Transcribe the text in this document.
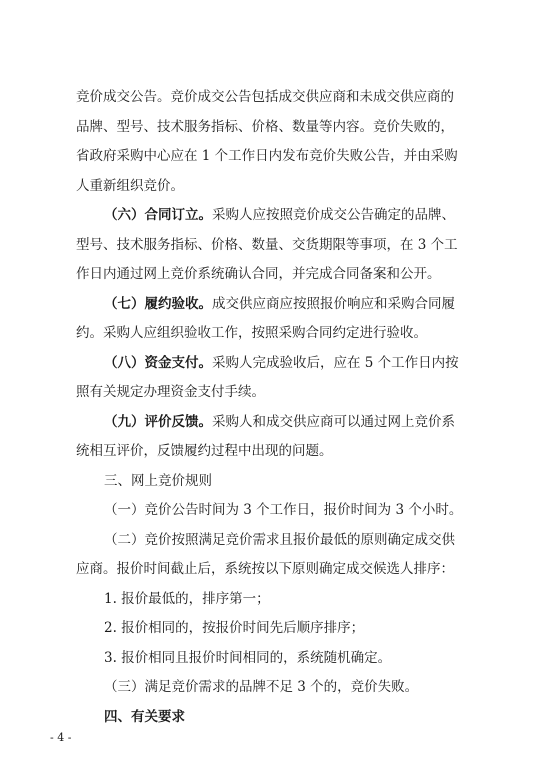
竞价成交公告。竞价成交公告包括成交供应商和未成交供应商的
品牌、型号、技术服务指标、价格、数量等内容。竞价失败的，
省政府采购中心应在 1 个工作日内发布竞价失败公告，并由采购
人重新组织竞价。
（六）合同订立。采购人应按照竞价成交公告确定的品牌、
型号、技术服务指标、价格、数量、交货期限等事项，在 3 个工
作日内通过网上竞价系统确认合同，并完成合同备案和公开。
（七）履约验收。成交供应商应按照报价响应和采购合同履
约。采购人应组织验收工作，按照采购合同约定进行验收。
（八）资金支付。采购人完成验收后，应在 5 个工作日内按
照有关规定办理资金支付手续。
（九）评价反馈。采购人和成交供应商可以通过网上竞价系
统相互评价，反馈履约过程中出现的问题。
三、网上竞价规则
（一）竞价公告时间为 3 个工作日，报价时间为 3 个小时。
（二）竞价按照满足竞价需求且报价最低的原则确定成交供
应商。报价时间截止后，系统按以下原则确定成交候选人排序：
1. 报价最低的，排序第一；
2. 报价相同的，按报价时间先后顺序排序；
3. 报价相同且报价时间相同的，系统随机确定。
（三）满足竞价需求的品牌不足 3 个的，竞价失败。
四、有关要求
- 4 -
